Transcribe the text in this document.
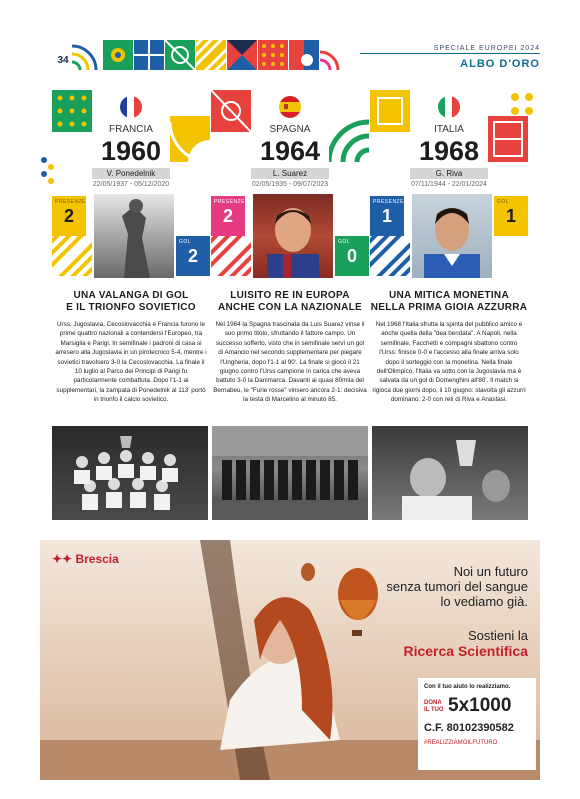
34
SPECIALE EUROPEI 2024
ALBO D'ORO
FRANCIA
1960
V. Ponedelnik
22/05/1937 - 05/12/2020
PRESENZE
2
GOL
2
UNA VALANGA DI GOL
E IL TRIONFO SOVIETICO
Urss, Jugoslavia, Cecoslovacchia e Francia furono le prime quattro nazionali a contendersi l'Europeo, tra Marsiglia e Parigi. In semifinale i padroni di casa si arresero alla Jugoslavia in un pirotecnico 5-4, mentre i sovietici travolsero 3-0 la Cecoslovacchia. La finale il 10 luglio al Parco dei Principi di Parigi fu particolarmente combattuta. Dopo l'1-1 ai supplementari, la zampata di Ponedelnik al 113' portò in trionfo il calcio sovietico.
SPAGNA
1964
L. Suarez
02/05/1935 - 09/07/2023
PRESENZE
2
GOL
0
LUISITO RE IN EUROPA
ANCHE CON LA NAZIONALE
Nel 1964 la Spagna trascinata da Luis Suarez vinse il suo primo titolo, sfruttando il fattore campo. Un successo sofferto, visto che in semifinale servì un gol di Amancio nel secondo supplementare per piegare l'Ungheria, dopo l'1-1 al 90'. La finale si giocò il 21 giugno contro l'Urss campione in carica che aveva battuto 3-0 la Danimarca. Davanti ai quasi 80mila del Bernabeu, le "Furie rosse" vinsero ancora 2-1: decisiva la testa di Marcelino al minuto 85.
ITALIA
1968
G. Riva
07/11/1944 - 22/01/2024
PRESENZE
1
GOL
1
UNA MITICA MONETINA
NELLA PRIMA GIOIA AZZURRA
Nel 1968 l'Italia sfrutta la spinta del pubblico amico e anche quella della "dea bendata". A Napoli, nella semifinale, Facchetti e compagni sbattono contro l'Urss: finisce 0-0 e l'accesso alla finale arriva solo dopo il sorteggio con la monetina. Nella finale dell'Olimpico, l'Italia va sotto con la Jugoslavia ma è salvata da un gol di Domenghini all'80'. Il match si rigioca due giorni dopo, il 10 giugno: stavolta gli azzurri dominano: 2-0 con reti di Riva e Anastasi.
✦✦ Brescia
Noi un futuro
senza tumori del sangue
lo vediamo già.
Sostieni la
Ricerca Scientifica
Con il tuo aiuto lo realizziamo.
DONA IL TUO 5x1000
C.F. 80102390582
#REALIZZIAMOILFUTURO
